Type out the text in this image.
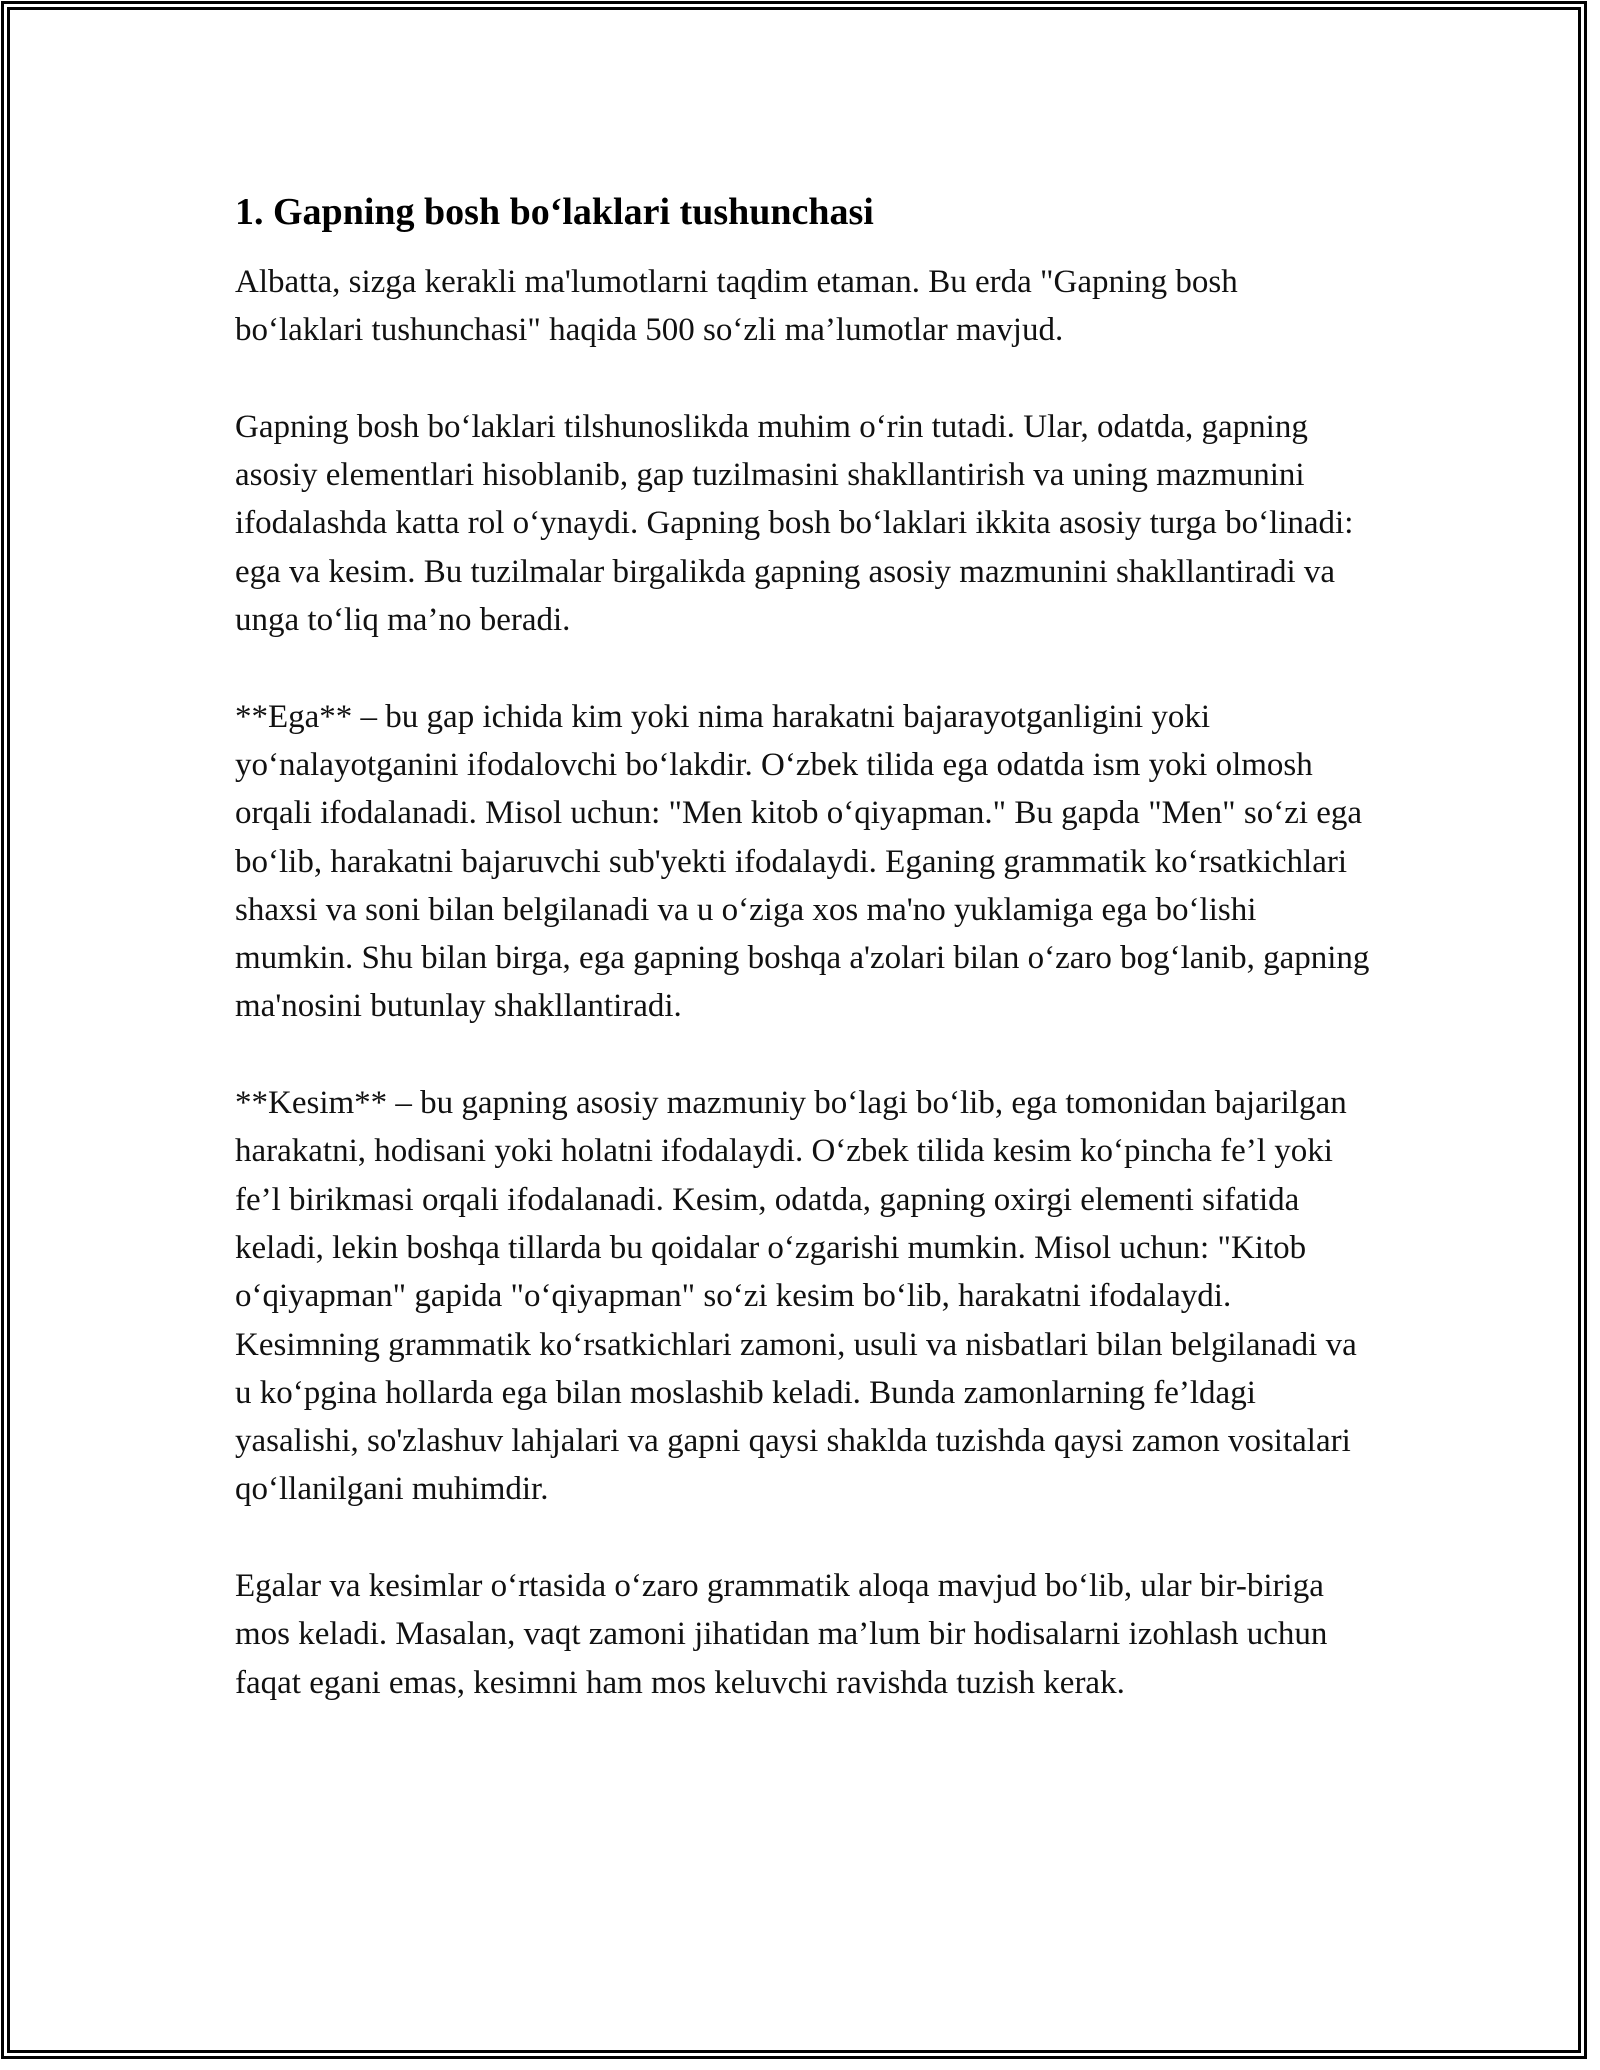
1. Gapning bosh bo‘laklari tushunchasi

Albatta, sizga kerakli ma'lumotlarni taqdim etaman. Bu erda "Gapning bosh bo‘laklari tushunchasi" haqida 500 so‘zli ma’lumotlar mavjud.

Gapning bosh bo‘laklari tilshunoslikda muhim o‘rin tutadi. Ular, odatda, gapning asosiy elementlari hisoblanib, gap tuzilmasini shakllantirish va uning mazmunini ifodalashda katta rol o‘ynaydi. Gapning bosh bo‘laklari ikkita asosiy turga bo‘linadi: ega va kesim. Bu tuzilmalar birgalikda gapning asosiy mazmunini shakllantiradi va unga to‘liq ma’no beradi.

**Ega** – bu gap ichida kim yoki nima harakatni bajarayotganligini yoki yo‘nalayotganini ifodalovchi bo‘lakdir. O‘zbek tilida ega odatda ism yoki olmosh orqali ifodalanadi. Misol uchun: "Men kitob o‘qiyapman." Bu gapda "Men" so‘zi ega bo‘lib, harakatni bajaruvchi sub'yekti ifodalaydi. Eganing grammatik ko‘rsatkichlari shaxsi va soni bilan belgilanadi va u o‘ziga xos ma'no yuklamiga ega bo‘lishi mumkin. Shu bilan birga, ega gapning boshqa a'zolari bilan o‘zaro bog‘lanib, gapning ma'nosini butunlay shakllantiradi.

**Kesim** – bu gapning asosiy mazmuniy bo‘lagi bo‘lib, ega tomonidan bajarilgan harakatni, hodisani yoki holatni ifodalaydi. O‘zbek tilida kesim ko‘pincha fe’l yoki fe’l birikmasi orqali ifodalanadi. Kesim, odatda, gapning oxirgi elementi sifatida keladi, lekin boshqa tillarda bu qoidalar o‘zgarishi mumkin. Misol uchun: "Kitob o‘qiyapman" gapida "o‘qiyapman" so‘zi kesim bo‘lib, harakatni ifodalaydi. Kesimning grammatik ko‘rsatkichlari zamoni, usuli va nisbatlari bilan belgilanadi va u ko‘pgina hollarda ega bilan moslashib keladi. Bunda zamonlarning fe’ldagi yasalishi, so'zlashuv lahjalari va gapni qaysi shaklda tuzishda qaysi zamon vositalari qo‘llanilgani muhimdir.

Egalar va kesimlar o‘rtasida o‘zaro grammatik aloqa mavjud bo‘lib, ular bir-biriga mos keladi. Masalan, vaqt zamoni jihatidan ma’lum bir hodisalarni izohlash uchun faqat egani emas, kesimni ham mos keluvchi ravishda tuzish kerak.
